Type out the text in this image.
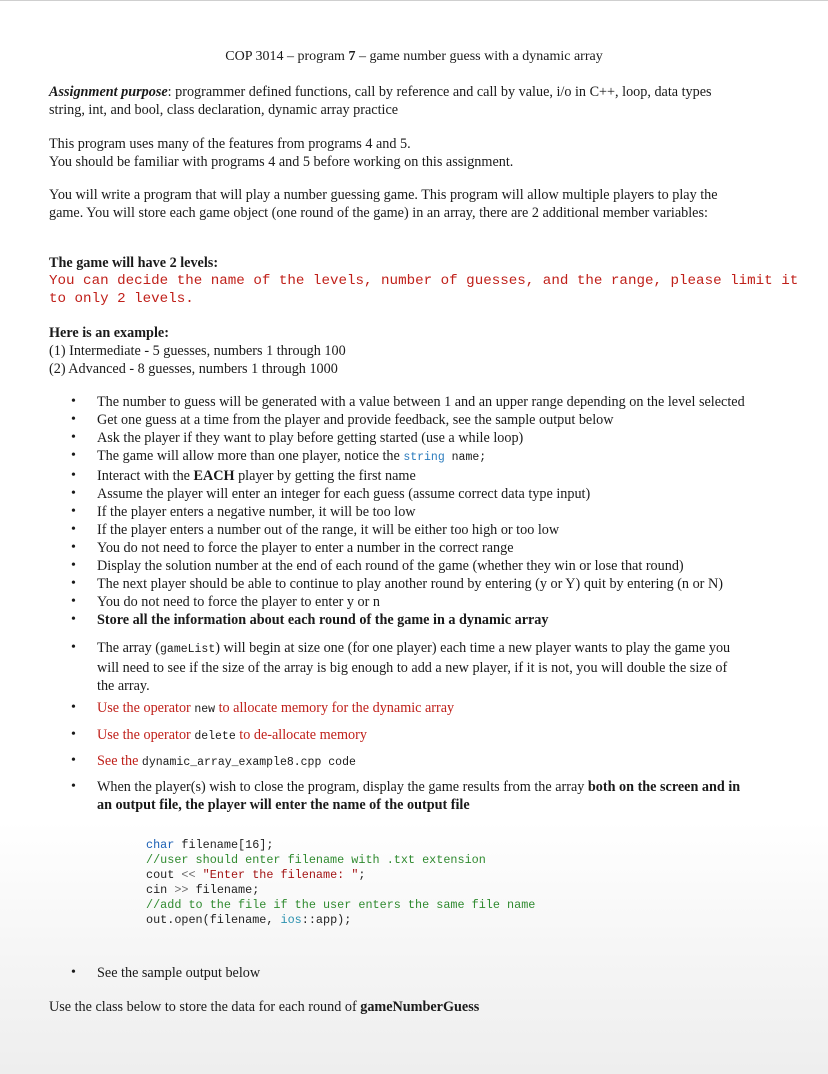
COP 3014 – program 7 – game number guess with a dynamic array
Assignment purpose: programmer defined functions, call by reference and call by value, i/o in C++, loop, data types
string, int, and bool, class declaration, dynamic array practice
This program uses many of the features from programs 4 and 5.
You should be familiar with programs 4 and 5 before working on this assignment.
You will write a program that will play a number guessing game. This program will allow multiple players to play the
game. You will store each game object (one round of the game) in an array, there are 2 additional member variables:
The game will have 2 levels:
You can decide the name of the levels, number of guesses, and the range, please limit it
to only 2 levels.
Here is an example:
(1) Intermediate - 5 guesses, numbers 1 through 100
(2) Advanced - 8 guesses, numbers 1 through 1000
• The number to guess will be generated with a value between 1 and an upper range depending on the level selected
• Get one guess at a time from the player and provide feedback, see the sample output below
• Ask the player if they want to play before getting started (use a while loop)
• The game will allow more than one player, notice the string name;
• Interact with the EACH player by getting the first name
• Assume the player will enter an integer for each guess (assume correct data type input)
• If the player enters a negative number, it will be too low
• If the player enters a number out of the range, it will be either too high or too low
• You do not need to force the player to enter a number in the correct range
• Display the solution number at the end of each round of the game (whether they win or lose that round)
• The next player should be able to continue to play another round by entering (y or Y) quit by entering (n or N)
• You do not need to force the player to enter y or n
• Store all the information about each round of the game in a dynamic array
• The array (gameList) will begin at size one (for one player) each time a new player wants to play the game you
will need to see if the size of the array is big enough to add a new player, if it is not, you will double the size of
the array.
• Use the operator new to allocate memory for the dynamic array
• Use the operator delete to de-allocate memory
• See the dynamic_array_example8.cpp code
• When the player(s) wish to close the program, display the game results from the array both on the screen and in
an output file, the player will enter the name of the output file
char filename[16];
//user should enter filename with .txt extension
cout << "Enter the filename: ";
cin >> filename;
//add to the file if the user enters the same file name
out.open(filename, ios::app);
• See the sample output below
Use the class below to store the data for each round of gameNumberGuess
